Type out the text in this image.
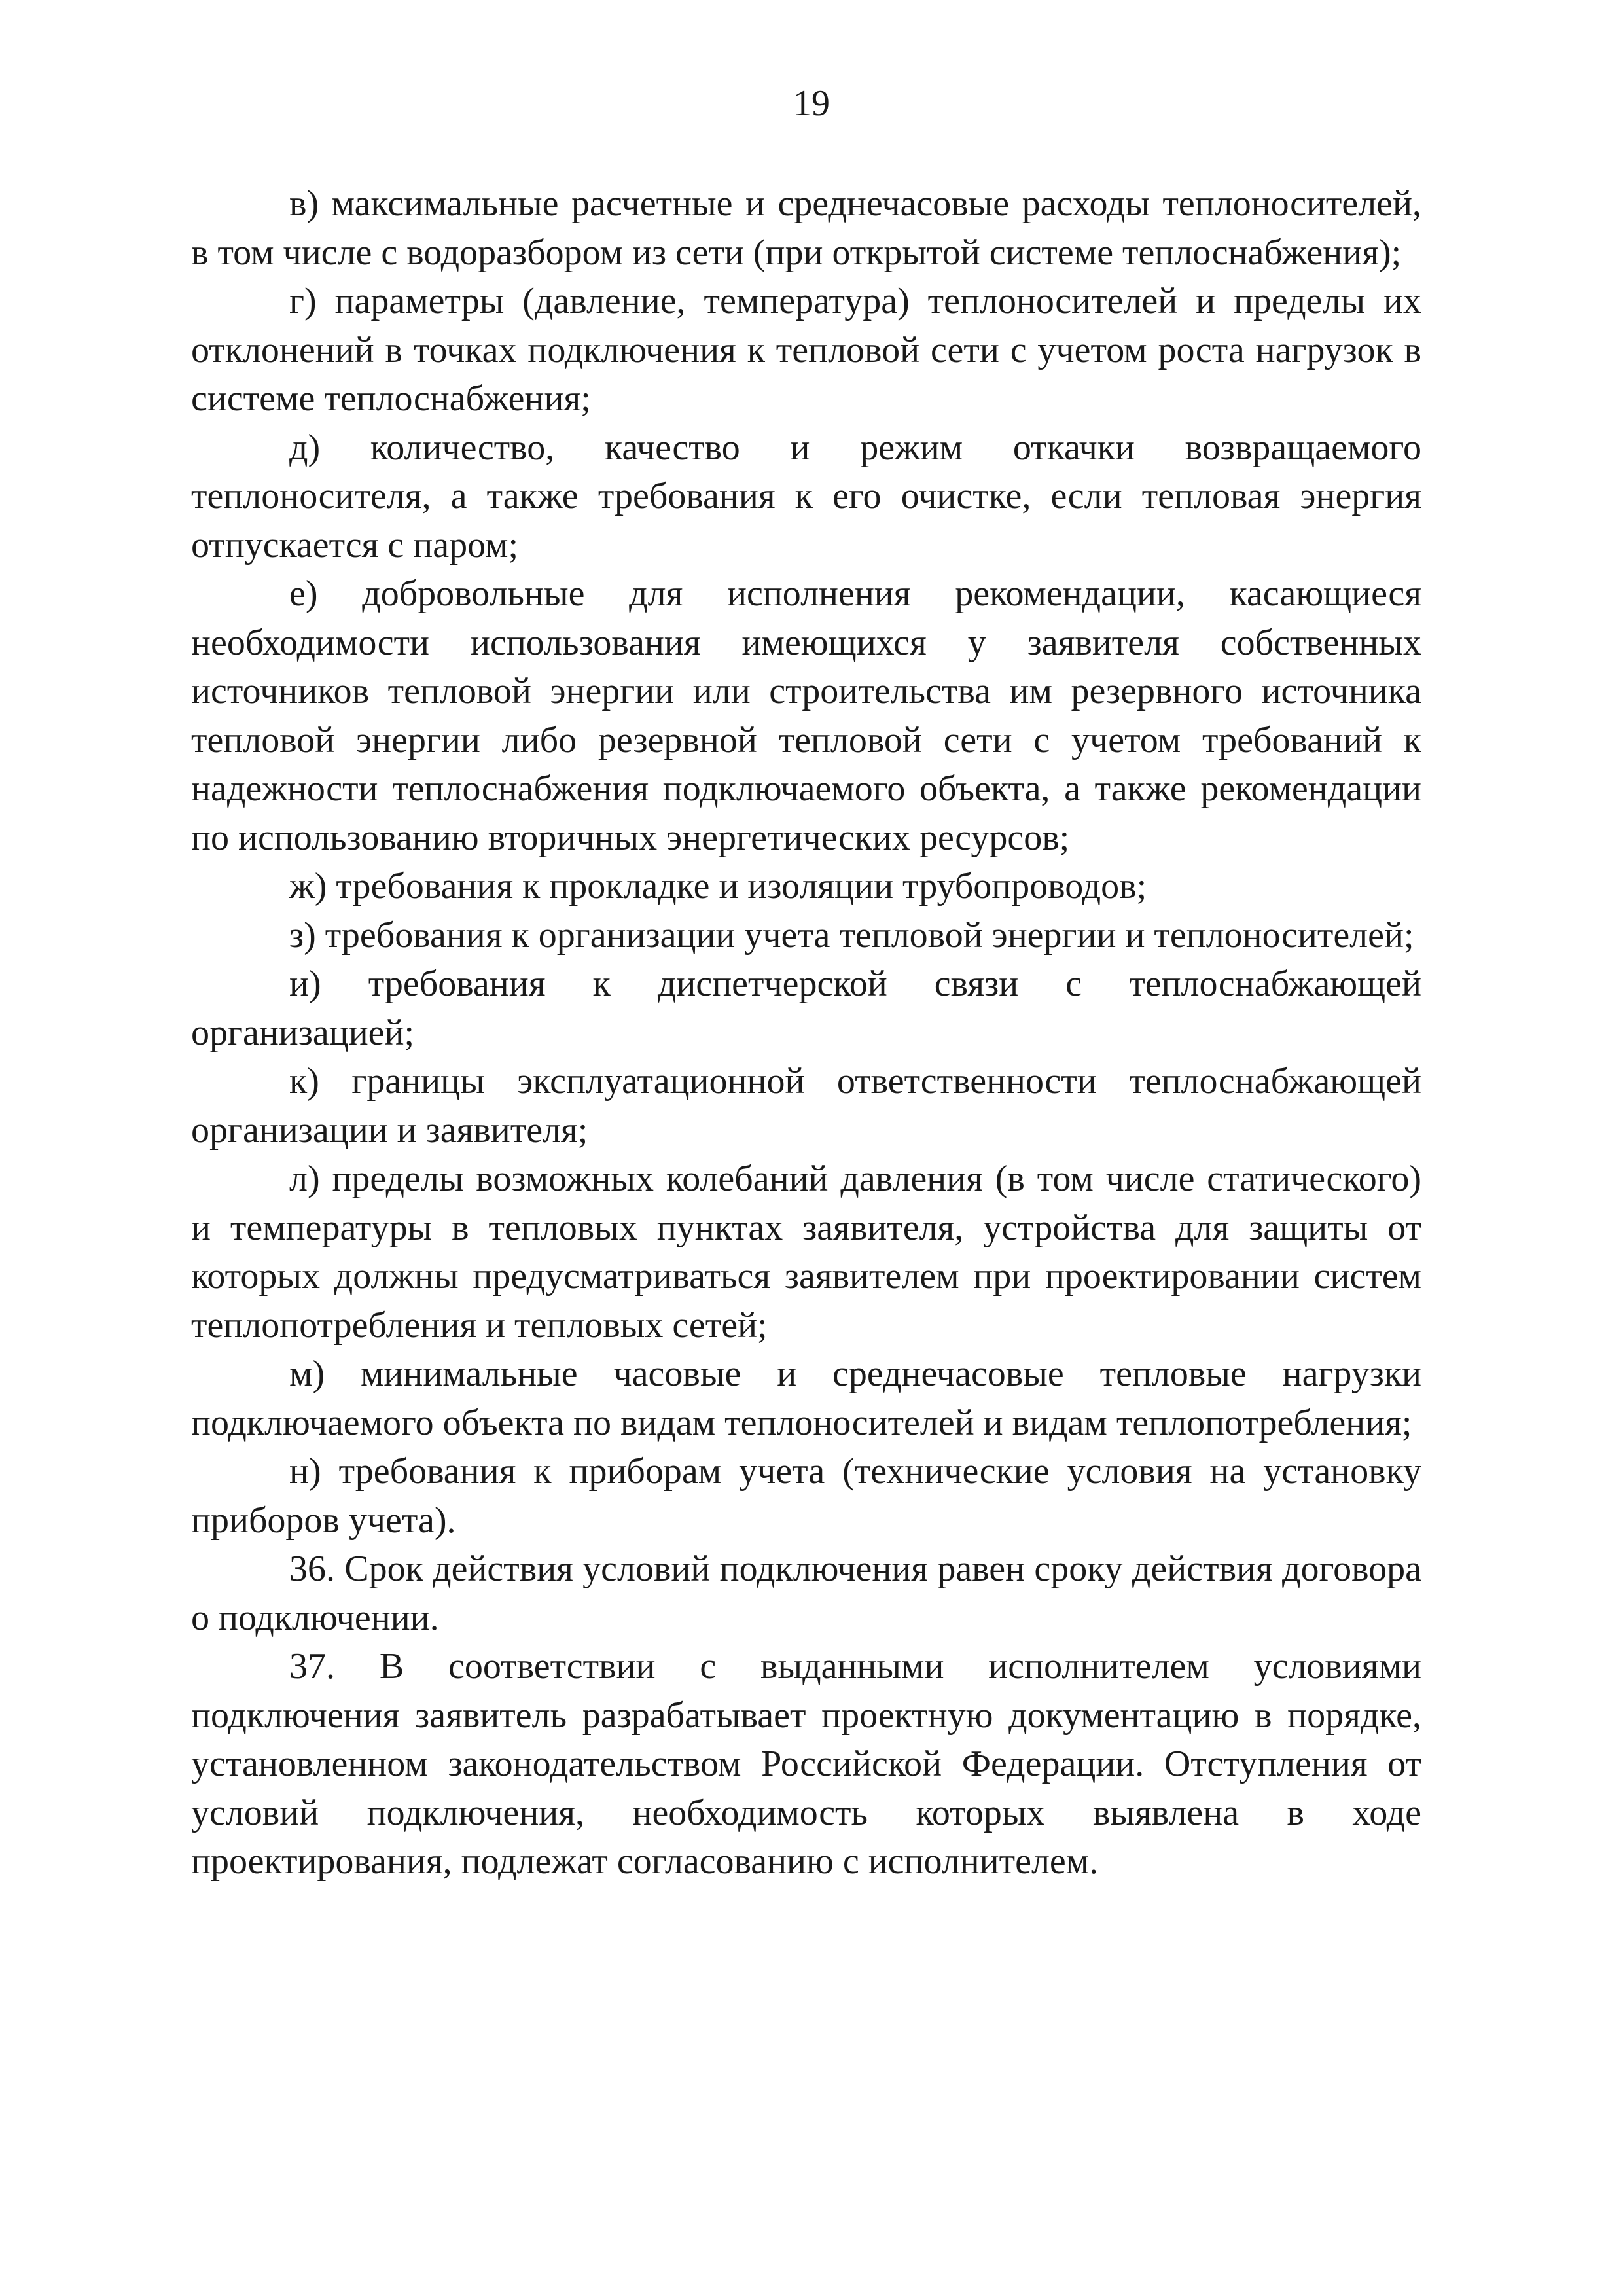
19

в) максимальные расчетные и среднечасовые расходы теплоносителей, в том числе с водоразбором из сети (при открытой системе теплоснабжения);

г) параметры (давление, температура) теплоносителей и пределы их отклонений в точках подключения к тепловой сети с учетом роста нагрузок в системе теплоснабжения;

д) количество, качество и режим откачки возвращаемого теплоносителя, а также требования к его очистке, если тепловая энергия отпускается с паром;

е) добровольные для исполнения рекомендации, касающиеся необходимости использования имеющихся у заявителя собственных источников тепловой энергии или строительства им резервного источника тепловой энергии либо резервной тепловой сети с учетом требований к надежности теплоснабжения подключаемого объекта, а также рекомендации по использованию вторичных энергетических ресурсов;

ж) требования к прокладке и изоляции трубопроводов;

з) требования к организации учета тепловой энергии и теплоносителей;

и) требования к диспетчерской связи с теплоснабжающей организацией;

к) границы эксплуатационной ответственности теплоснабжающей организации и заявителя;

л) пределы возможных колебаний давления (в том числе статического) и температуры в тепловых пунктах заявителя, устройства для защиты от которых должны предусматриваться заявителем при проектировании систем теплопотребления и тепловых сетей;

м) минимальные часовые и среднечасовые тепловые нагрузки подключаемого объекта по видам теплоносителей и видам теплопотребления;

н) требования к приборам учета (технические условия на установку приборов учета).

36. Срок действия условий подключения равен сроку действия договора о подключении.

37. В соответствии с выданными исполнителем условиями подключения заявитель разрабатывает проектную документацию в порядке, установленном законодательством Российской Федерации. Отступления от условий подключения, необходимость которых выявлена в ходе проектирования, подлежат согласованию с исполнителем.
